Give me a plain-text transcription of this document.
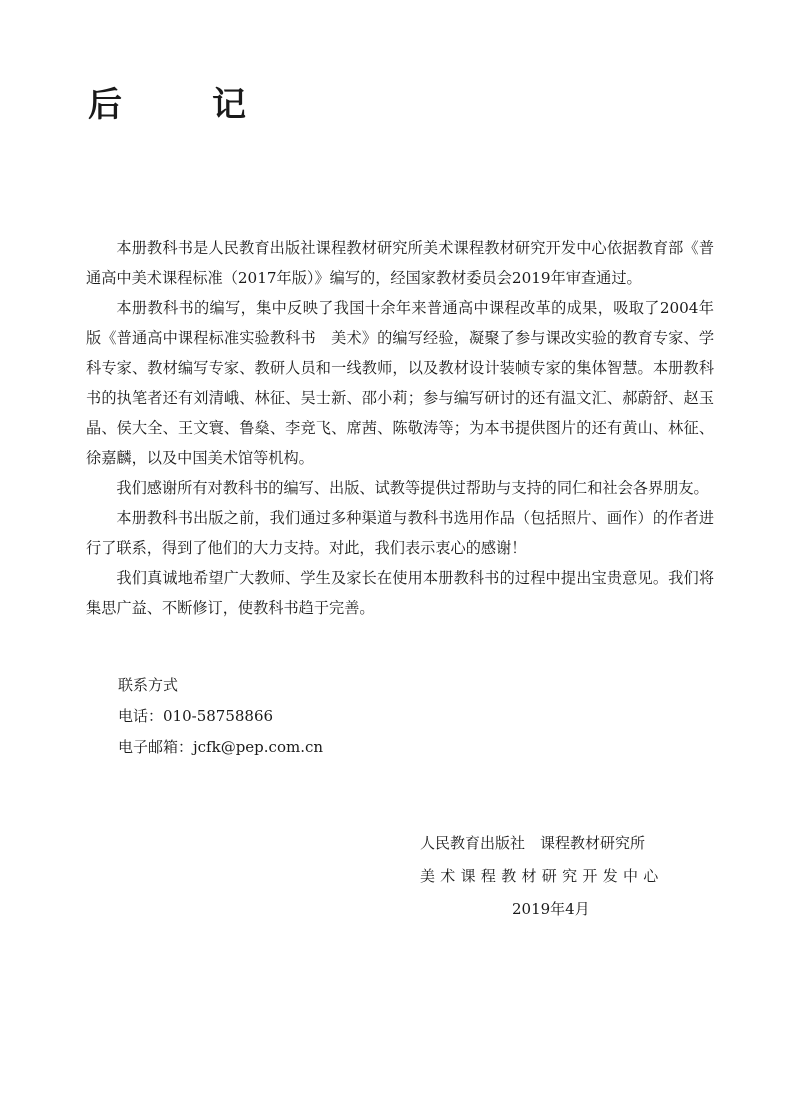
后　记

本册教科书是人民教育出版社课程教材研究所美术课程教材研究开发中心依据教育部《普通高中美术课程标准（2017年版）》编写的，经国家教材委员会2019年审查通过。

本册教科书的编写，集中反映了我国十余年来普通高中课程改革的成果，吸取了2004年版《普通高中课程标准实验教科书　美术》的编写经验，凝聚了参与课改实验的教育专家、学科专家、教材编写专家、教研人员和一线教师，以及教材设计装帧专家的集体智慧。本册教科书的执笔者还有刘清峨、林征、吴士新、邵小莉；参与编写研讨的还有温文汇、郝蔚舒、赵玉晶、侯大全、王文寰、鲁燊、李竞飞、席茜、陈敬涛等；为本书提供图片的还有黄山、林征、徐嘉麟，以及中国美术馆等机构。

我们感谢所有对教科书的编写、出版、试教等提供过帮助与支持的同仁和社会各界朋友。

本册教科书出版之前，我们通过多种渠道与教科书选用作品（包括照片、画作）的作者进行了联系，得到了他们的大力支持。对此，我们表示衷心的感谢！

我们真诚地希望广大教师、学生及家长在使用本册教科书的过程中提出宝贵意见。我们将集思广益、不断修订，使教科书趋于完善。

联系方式
电话：010-58758866
电子邮箱：jcfk@pep.com.cn
人民教育出版社　课程教材研究所
美术课程教材研究开发中心
2019年4月
